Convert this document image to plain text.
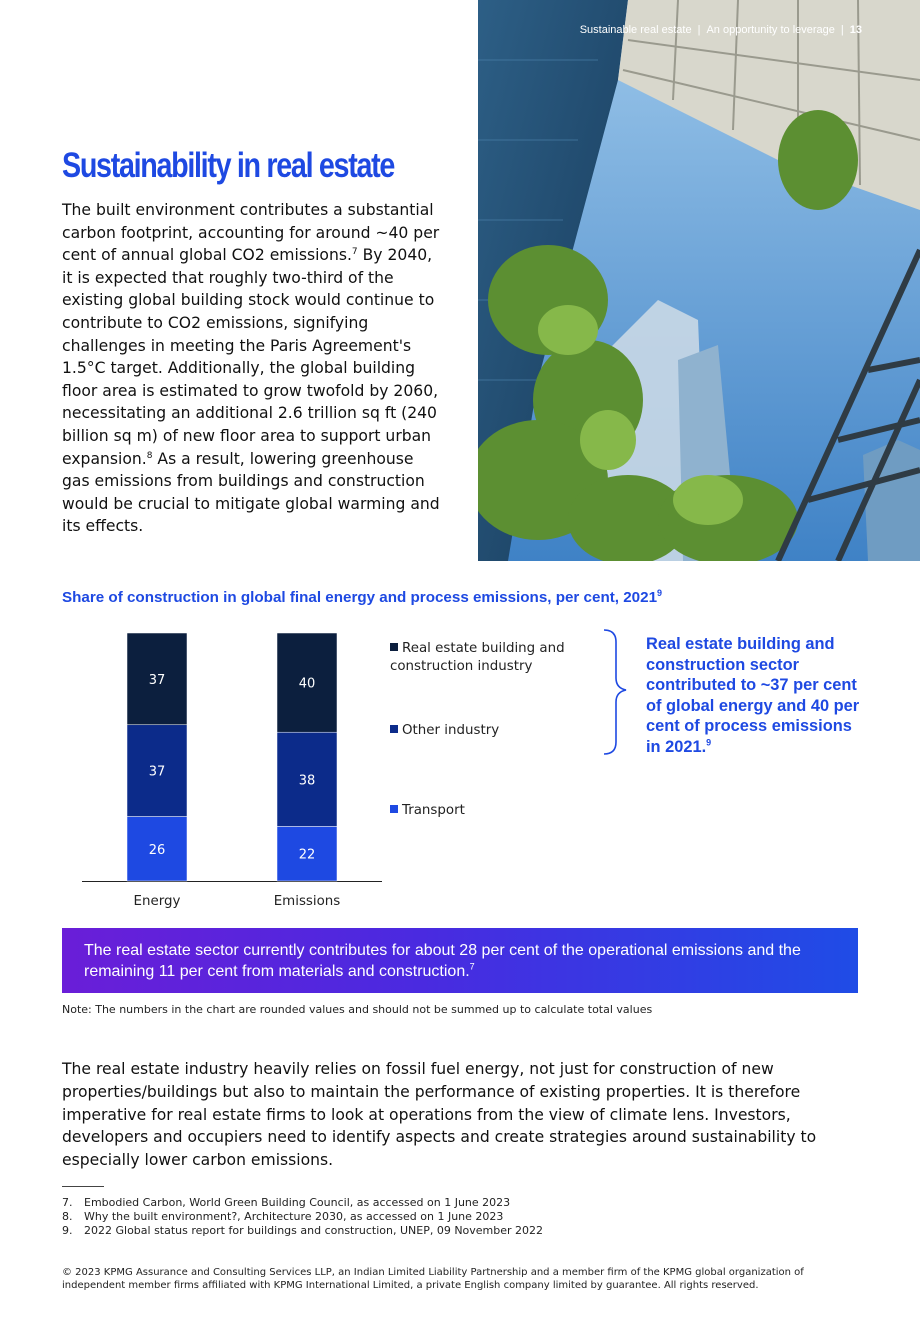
Sustainable real estate | An opportunity to leverage | 13
Sustainability in real estate

The built environment contributes a substantial carbon footprint, accounting for around ~40 per cent of annual global CO2 emissions.$^7$ By 2040, it is expected that roughly two-third of the existing global building stock would continue to contribute to CO2 emissions, signifying challenges in meeting the Paris Agreement's 1.5°C target. Additionally, the global building floor area is estimated to grow twofold by 2060, necessitating an additional 2.6 trillion sq ft (240 billion sq m) of new floor area to support urban expansion.$^8$ As a result, lowering greenhouse gas emissions from buildings and construction would be crucial to mitigate global warming and its effects.

Share of construction in global final energy and process emissions, per cent, 2021$^9$

26
37
37
Energy
22
38
40
Emissions
Real estate building and construction industry
Other industry
Transport

Real estate building and construction sector contributed to ~37 per cent of global energy and 40 per cent of process emissions in 2021.$^9$

The real estate sector currently contributes for about 28 per cent of the operational emissions and the remaining 11 per cent from materials and construction.$^7$

Note: The numbers in the chart are rounded values and should not be summed up to calculate total values

The real estate industry heavily relies on fossil fuel energy, not just for construction of new properties/buildings but also to maintain the performance of existing properties. It is therefore imperative for real estate firms to look at operations from the view of climate lens. Investors, developers and occupiers need to identify aspects and create strategies around sustainability to especially lower carbon emissions.

7. Embodied Carbon, World Green Building Council, as accessed on 1 June 2023
8. Why the built environment?, Architecture 2030, as accessed on 1 June 2023
9. 2022 Global status report for buildings and construction, UNEP, 09 November 2022

© 2023 KPMG Assurance and Consulting Services LLP, an Indian Limited Liability Partnership and a member firm of the KPMG global organization of independent member firms affiliated with KPMG International Limited, a private English company limited by guarantee. All rights reserved.
